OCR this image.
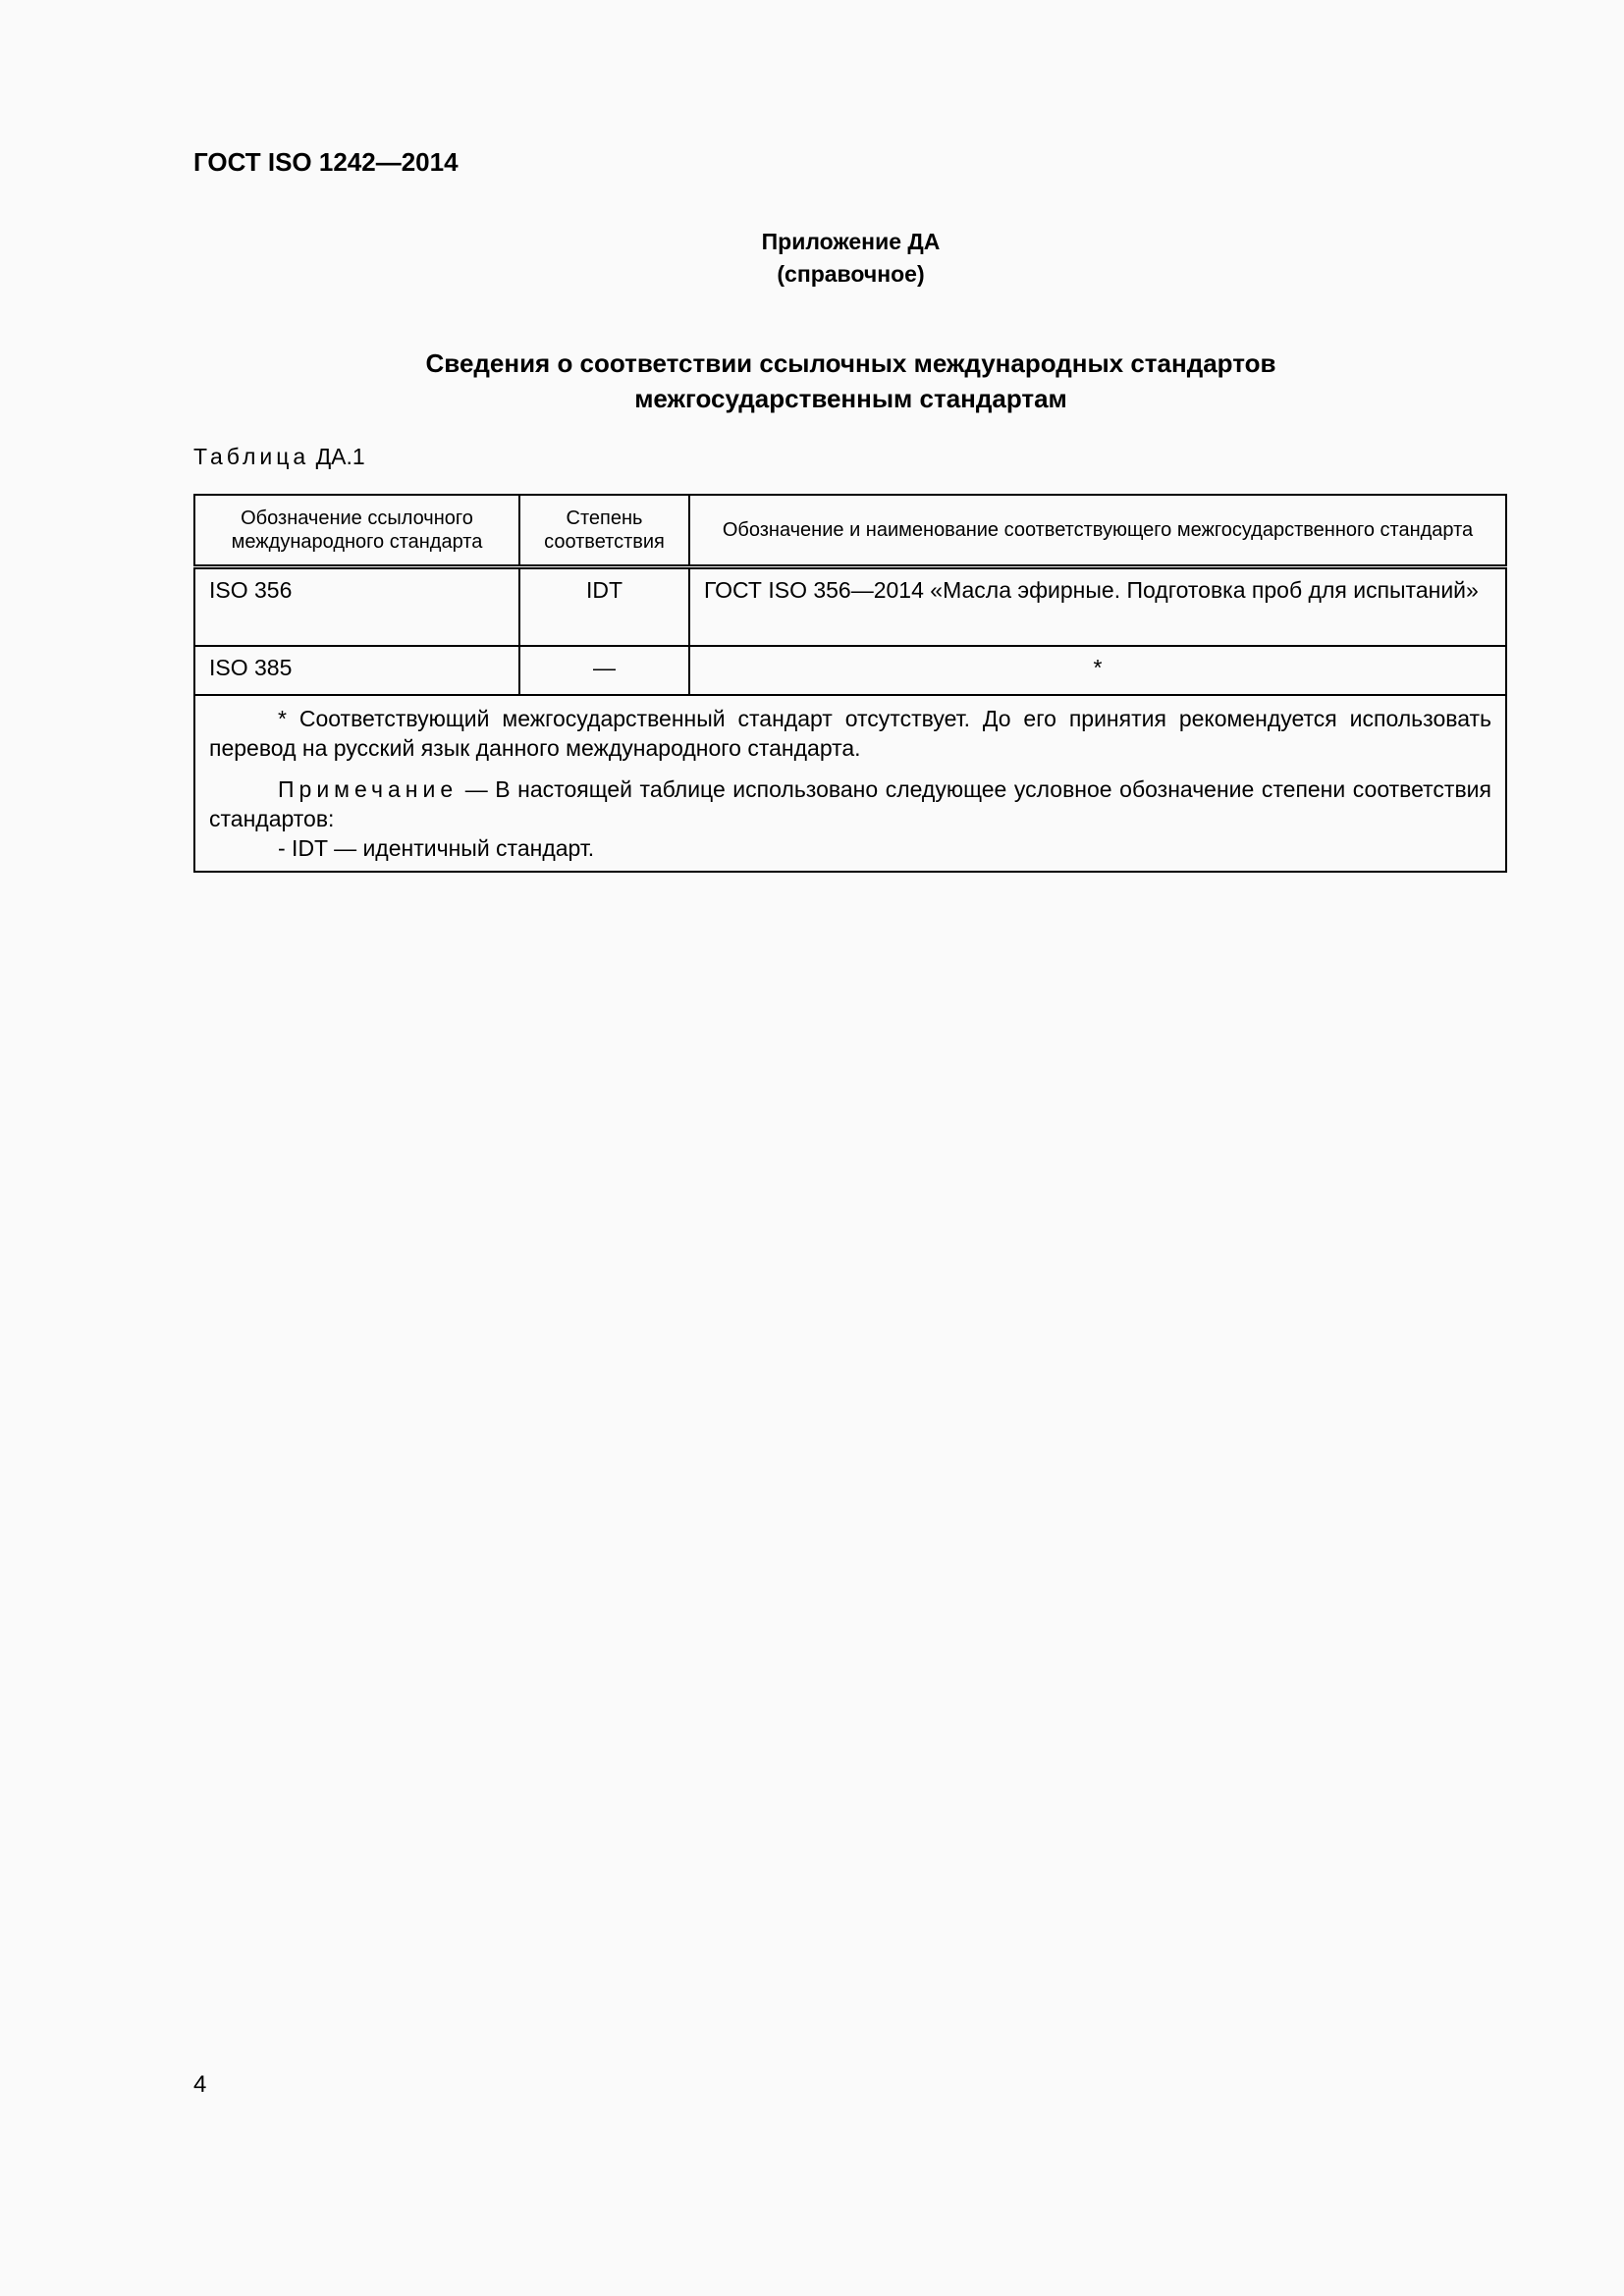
ГОСТ ISO 1242—2014
Приложение ДА
(справочное)
Сведения о соответствии ссылочных международных стандартов
межгосударственным стандартам
Таблица ДА.1
Обозначение ссылочного международного стандарта	Степень соответствия	Обозначение и наименование соответствующего межгосударственного стандарта
ISO 356	IDT	ГОСТ ISO 356—2014 «Масла эфирные. Подготовка проб для испытаний»
ISO 385	—	*

* Соответствующий межгосударственный стандарт отсутствует. До его принятия рекомендуется использовать перевод на русский язык данного международного стандарта.

Примечание — В настоящей таблице использовано следующее условное обозначение степени соответствия стандартов:

- IDT — идентичный стандарт.		
4
